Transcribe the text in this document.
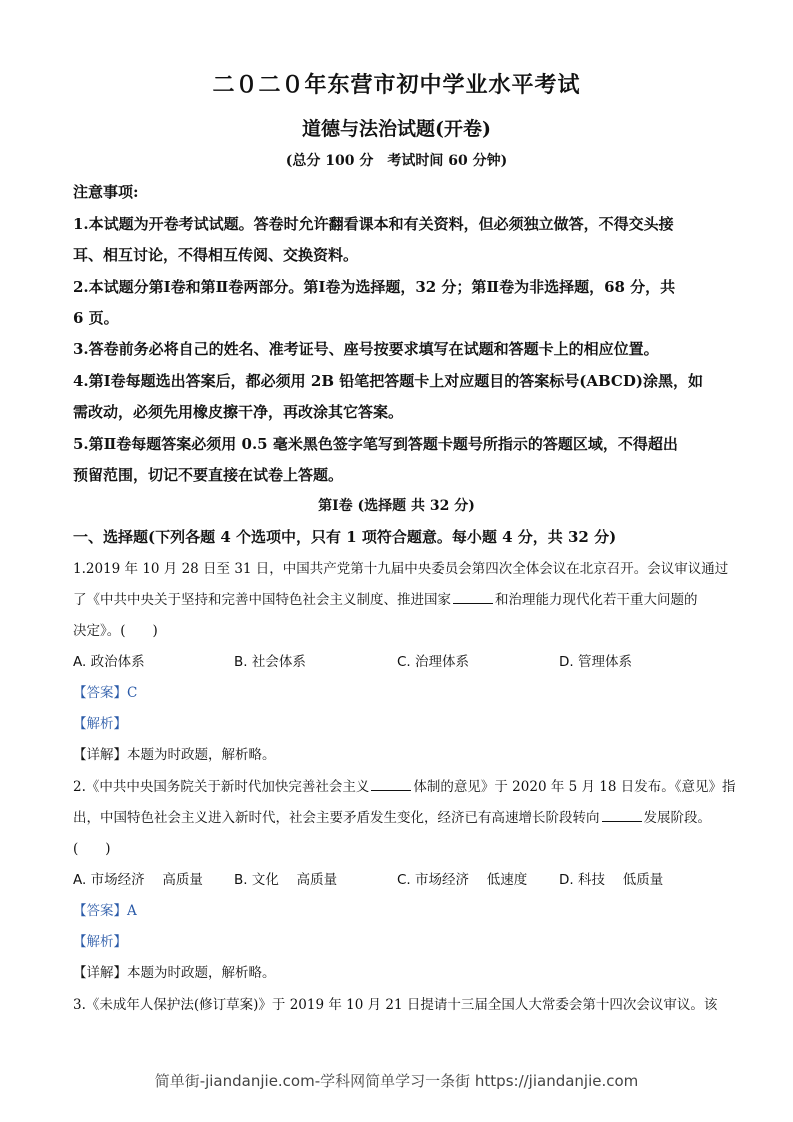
二０二０年东营市初中学业水平考试
道德与法治试题(开卷)
(总分 100 分　考试时间 60 分钟)
注意事项:
1.本试题为开卷考试试题。答卷时允许翻看课本和有关资料，但必须独立做答，不得交头接
耳、相互讨论，不得相互传阅、交换资料。
2.本试题分第Ⅰ卷和第Ⅱ卷两部分。第Ⅰ卷为选择题，32 分；第Ⅱ卷为非选择题，68 分，共
6 页。
3.答卷前务必将自己的姓名、准考证号、座号按要求填写在试题和答题卡上的相应位置。
4.第Ⅰ卷每题选出答案后，都必须用 2B 铅笔把答题卡上对应题目的答案标号(ABCD)涂黑，如
需改动，必须先用橡皮擦干净，再改涂其它答案。
5.第Ⅱ卷每题答案必须用 0.5 毫米黑色签字笔写到答题卡题号所指示的答题区域，不得超出
预留范围，切记不要直接在试卷上答题。
第Ⅰ卷 (选择题 共 32 分)
一、选择题(下列各题 4 个选项中，只有 1 项符合题意。每小题 4 分，共 32 分)
1.2019 年 10 月 28 日至 31 日，中国共产党第十九届中央委员会第四次全体会议在北京召开。会议审议通过
了《中共中央关于坚持和完善中国特色社会主义制度、推进国家	和治理能力现代化若干重大问题的
决定》。(　　)
A. 政治体系	B. 社会体系	C. 治理体系	D. 管理体系
【答案】C
【解析】
【详解】本题为时政题，解析略。
2.《中共中央国务院关于新时代加快完善社会主义	体制的意见》于 2020 年 5 月 18 日发布。《意见》指
出，中国特色社会主义进入新时代，社会主要矛盾发生变化，经济已有高速增长阶段转向	发展阶段。
(　　)
A. 市场经济　 高质量 B. 文化　 高质量	C. 市场经济　 低速度 D. 科技　 低质量
【答案】A
【解析】
【详解】本题为时政题，解析略。
3.《未成年人保护法(修订草案)》于 2019 年 10 月 21 日提请十三届全国人大常委会第十四次会议审议。该
简单街-jiandanjie.com-学科网简单学习一条街 https://jiandanjie.com
